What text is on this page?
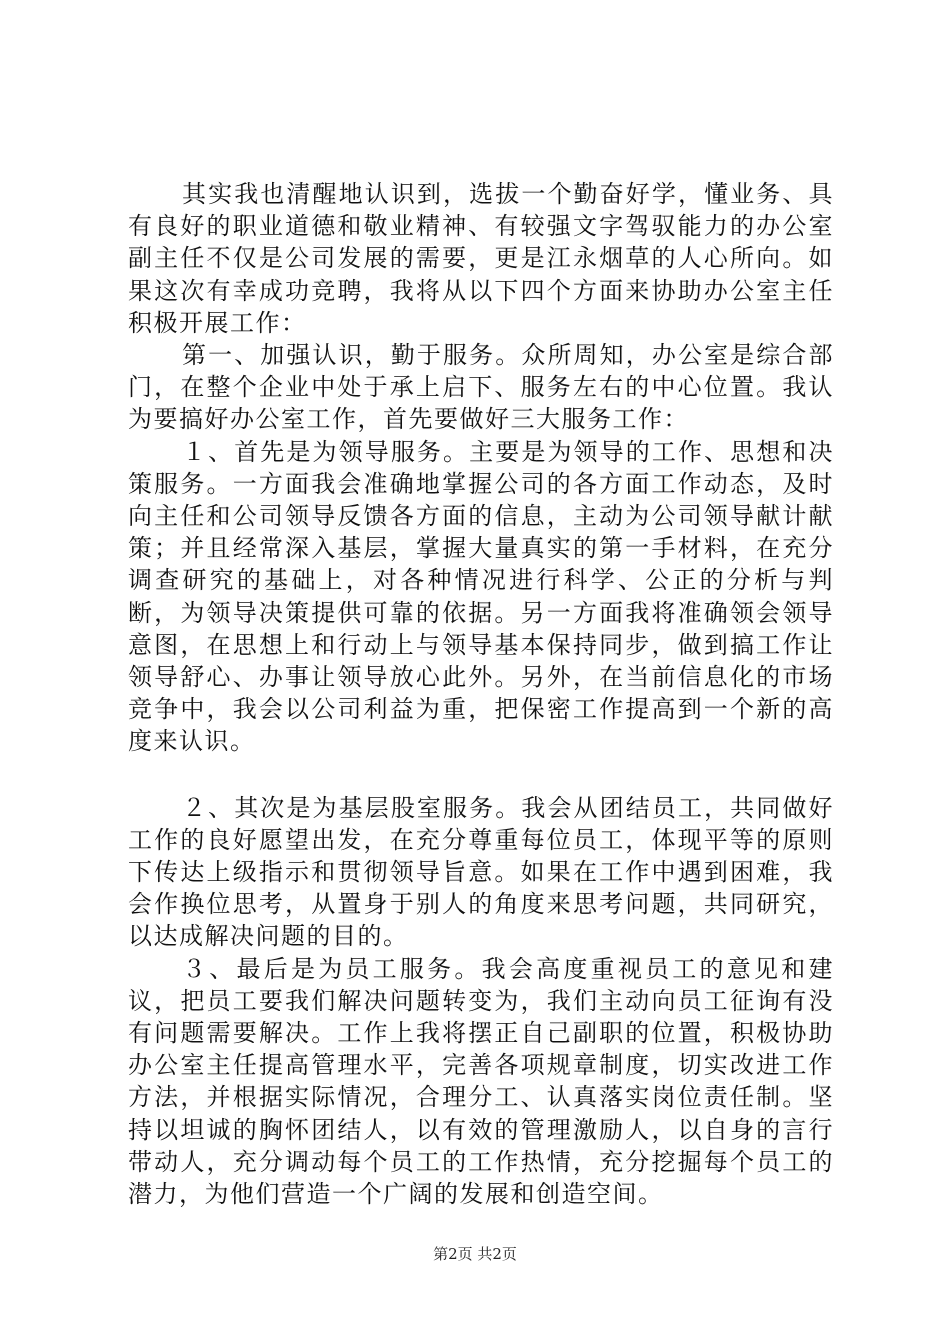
其实我也清醒地认识到，选拔一个勤奋好学，懂业务、具有良好的职业道德和敬业精神、有较强文字驾驭能力的办公室副主任不仅是公司发展的需要，更是江永烟草的人心所向。如果这次有幸成功竞聘，我将从以下四个方面来协助办公室主任积极开展工作：

第一、加强认识，勤于服务。众所周知，办公室是综合部门，在整个企业中处于承上启下、服务左右的中心位置。我认为要搞好办公室工作，首先要做好三大服务工作：

１、首先是为领导服务。主要是为领导的工作、思想和决策服务。一方面我会准确地掌握公司的各方面工作动态，及时向主任和公司领导反馈各方面的信息，主动为公司领导献计献策；并且经常深入基层，掌握大量真实的第一手材料，在充分调查研究的基础上，对各种情况进行科学、公正的分析与判断，为领导决策提供可靠的依据。另一方面我将准确领会领导意图，在思想上和行动上与领导基本保持同步，做到搞工作让领导舒心、办事让领导放心此外。另外，在当前信息化的市场竞争中，我会以公司利益为重，把保密工作提高到一个新的高度来认识。

２、其次是为基层股室服务。我会从团结员工，共同做好工作的良好愿望出发，在充分尊重每位员工，体现平等的原则下传达上级指示和贯彻领导旨意。如果在工作中遇到困难，我会作换位思考，从置身于别人的角度来思考问题，共同研究，以达成解决问题的目的。

３、最后是为员工服务。我会高度重视员工的意见和建议，把员工要我们解决问题转变为，我们主动向员工征询有没有问题需要解决。工作上我将摆正自己副职的位置，积极协助办公室主任提高管理水平，完善各项规章制度，切实改进工作方法，并根据实际情况，合理分工、认真落实岗位责任制。坚持以坦诚的胸怀团结人，以有效的管理激励人，以自身的言行带动人，充分调动每个员工的工作热情，充分挖掘每个员工的潜力，为他们营造一个广阔的发展和创造空间。

第2页 共2页
